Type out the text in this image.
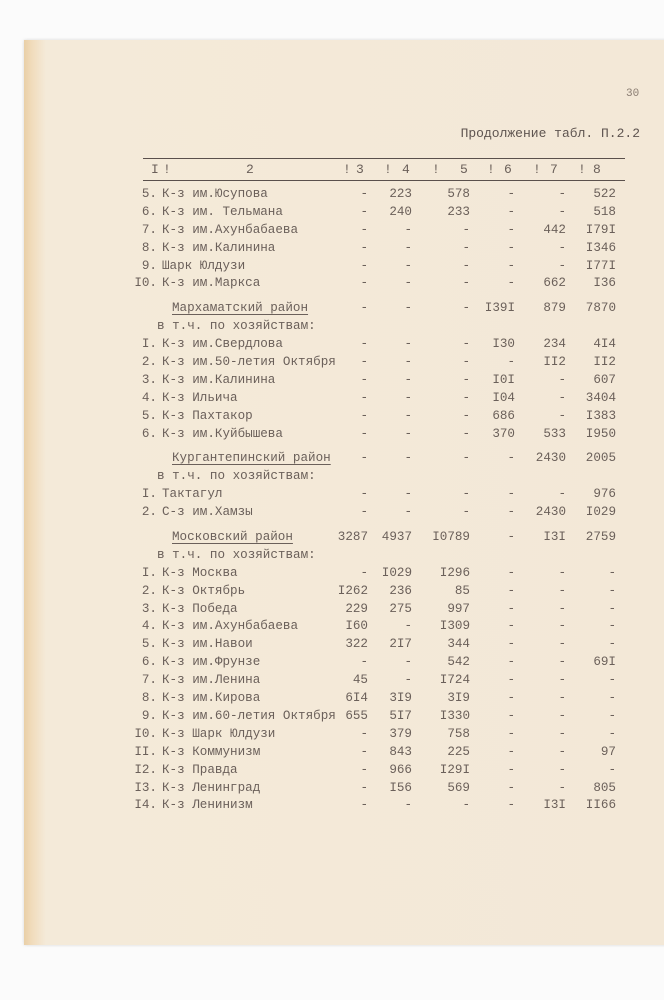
30
Продолжение табл. П.2.2
I	2	3	4	5	6	7	8
!	!	!	!	!	!	!
5. К-з им.Юсупова	-	223	578	-	-	522
6. К-з им. Тельмана	-	240	233	-	-	518
7. К-з им.Ахунбабаева	-	-	-	-	442	I79I
8. К-з им.Калинина	-	-	-	-	-	I346
9. Шарк Юлдузи	-	-	-	-	-	I77I
I0. К-з им.Маркса	-	-	-	-	662	I36
Мархаматский район	-	-	-	I39I	879	7870
в т.ч. по хозяйствам:
I. К-з им.Свердлова	-	-	-	I30	234	4I4
2. К-з им.50-летия Октября	-	-	-	-	II2	II2
3. К-з им.Калинина	-	-	-	I0I	-	607
4. К-з Ильича	-	-	-	I04	-	3404
5. К-з Пахтакор	-	-	-	686	-	I383
6. К-з им.Куйбышева	-	-	-	370	533	I950
Кургантепинский район	-	-	-	-	2430	2005
в т.ч. по хозяйствам:
I. Тактагул	-	-	-	-	-	976
2. С-з им.Хамзы	-	-	-	-	2430	I029
Московский район	3287	4937	I0789	-	I3I	2759
в т.ч. по хозяйствам:
I. К-з Москва	-	I029	I296	-	-	-
2. К-з Октябрь	I262	236	85	-	-	-
3. К-з Победа	229	275	997	-	-	-
4. К-з им.Ахунбабаева	I60	-	I309	-	-	-
5. К-з им.Навои	322	2I7	344	-	-	-
6. К-з им.Фрунзе	-	-	542	-	-	69I
7. К-з им.Ленина	45	-	I724	-	-	-
8. К-з им.Кирова	6I4	3I9	3I9	-	-	-
9. К-з им.60-летия Октября 655	5I7	I330	-	-	-
I0. К-з Шарк Юлдузи	-	379	758	-	-	-
II. К-з Коммунизм	-	843	225	-	-	97
I2. К-з Правда	-	966	I29I	-	-	-
I3. К-з Ленинград	-	I56	569	-	-	805
I4. К-з Ленинизм	-	-	-	-	I3I	II66
